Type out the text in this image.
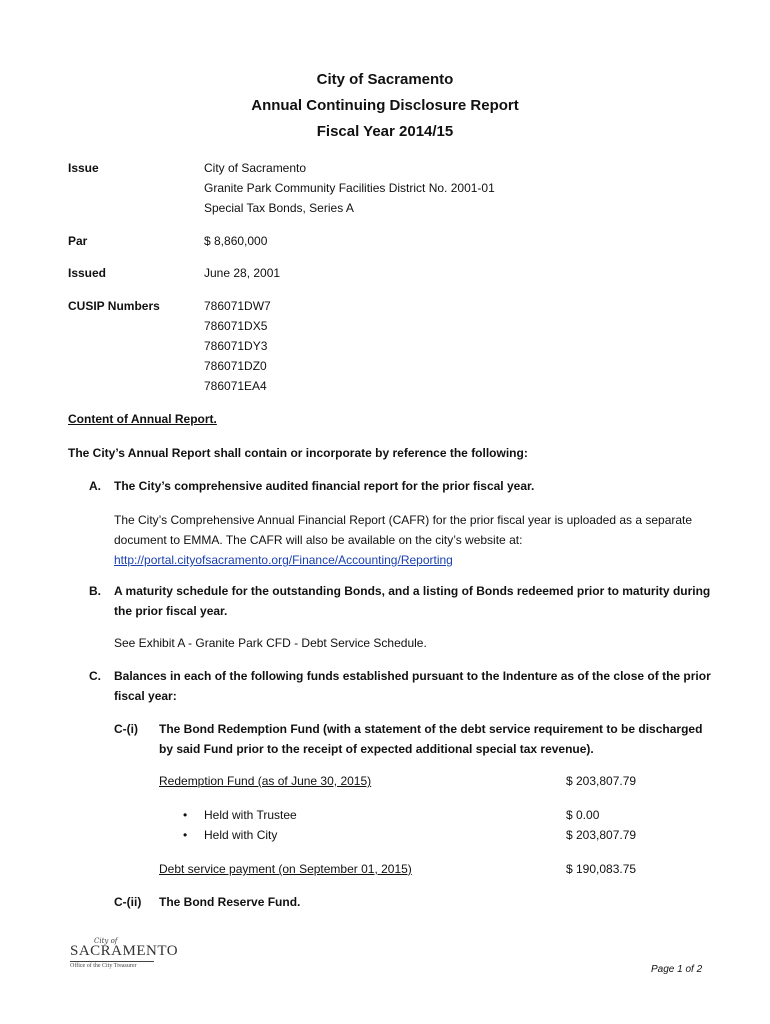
City of Sacramento
Annual Continuing Disclosure Report
Fiscal Year 2014/15
Issue	City of Sacramento
Granite Park Community Facilities District No. 2001-01
Special Tax Bonds, Series A
Par	$ 8,860,000
Issued	June 28, 2001
CUSIP Numbers	786071DW7
786071DX5
786071DY3
786071DZ0
786071EA4
Content of Annual Report.
The City’s Annual Report shall contain or incorporate by reference the following:
A. The City’s comprehensive audited financial report for the prior fiscal year.
The City’s Comprehensive Annual Financial Report (CAFR) for the prior fiscal year is uploaded as a separate
document to EMMA. The CAFR will also be available on the city’s website at:
http://portal.cityofsacramento.org/Finance/Accounting/Reporting
B. A maturity schedule for the outstanding Bonds, and a listing of Bonds redeemed prior to maturity during
the prior fiscal year.
See Exhibit A - Granite Park CFD - Debt Service Schedule.
C. Balances in each of the following funds established pursuant to the Indenture as of the close of the prior
fiscal year:
C-(i) The Bond Redemption Fund (with a statement of the debt service requirement to be discharged
by said Fund prior to the receipt of expected additional special tax revenue).
Redemption Fund (as of June 30, 2015)	$ 203,807.79
• Held with Trustee	$ 0.00
• Held with City	$ 203,807.79
Debt service payment (on September 01, 2015)	$ 190,083.75
C-(ii) The Bond Reserve Fund.
City of
SACRAMENTO
Office of the City Treasurer	Page 1 of 2
